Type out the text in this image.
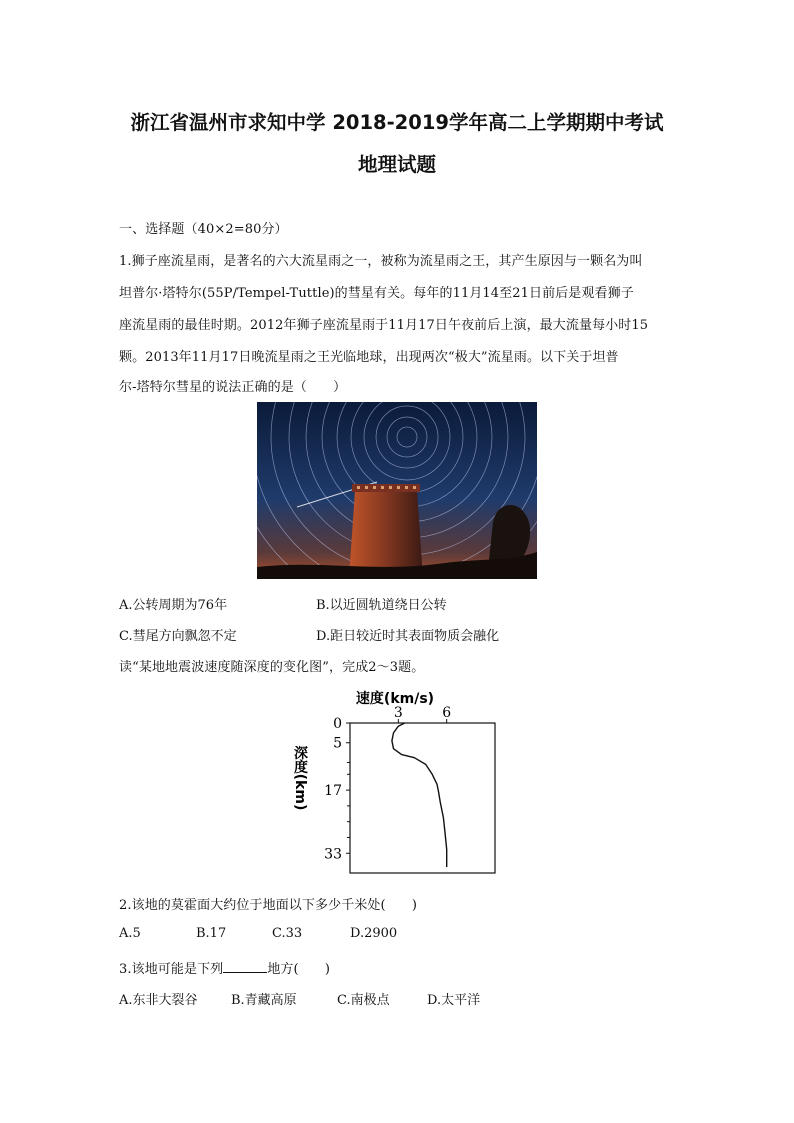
浙江省温州市求知中学 2018-2019学年高二上学期期中考试
地理试题
一、选择题（40×2=80分）
1.狮子座流星雨，是著名的六大流星雨之一，被称为流星雨之王，其产生原因与一颗名为叫
坦普尔·塔特尔(55P/Tempel-Tuttle)的彗星有关。每年的11月14至21日前后是观看狮子
座流星雨的最佳时期。2012年狮子座流星雨于11月17日午夜前后上演，最大流量每小时15
颗。2013年11月17日晚流星雨之王光临地球，出现两次“极大”流星雨。以下关于坦普
尔-塔特尔彗星的说法正确的是（　　）
A.公转周期为76年	B.以近圆轨道绕日公转
C.彗尾方向飘忽不定	D.距日较近时其表面物质会融化
读“某地地震波速度随深度的变化图”，完成2～3题。
速度(km/s)
3	6
0
5
17
33
深度(km)
2.该地的莫霍面大约位于地面以下多少千米处(　　)
A.5	B.17	C.33	D.2900
3.该地可能是下列	地方(　　)
A.东非大裂谷	B.青藏高原	C.南极点	D.太平洋
